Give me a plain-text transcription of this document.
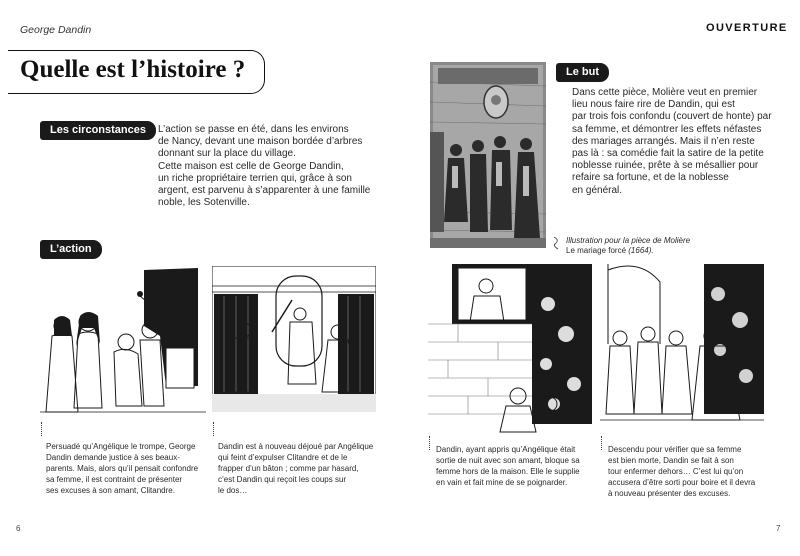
George Dandin	OUVERTURE
Quelle est l’histoire ?
Les circonstances	L’action se passe en été, dans les environs
de Nancy, devant une maison bordée d’arbres
donnant sur la place du village.
Cette maison est celle de George Dandin,
un riche propriétaire terrien qui, grâce à son
argent, est parvenu à s’apparenter à une famille
noble, les Sotenville.
L’action
Le but
Dans cette pièce, Molière veut en premier
lieu nous faire rire de Dandin, qui est
par trois fois confondu (couvert de honte) par
sa femme, et démontrer les effets néfastes
des mariages arrangés. Mais il n’en reste
pas là : sa comédie fait la satire de la petite
noblesse ruinée, prête à se mésallier pour
refaire sa fortune, et de la noblesse
en général.
Illustration pour la pièce de Molière
Le mariage forcé (1664).
Persuadé qu’Angélique le trompe, George
Dandin demande justice à ses beaux-
parents. Mais, alors qu’il pensait confondre
sa femme, il est contraint de présenter
ses excuses à son amant, Clitandre.
Dandin est à nouveau déjoué par Angélique
qui feint d’expulser Clitandre et de le
frapper d’un bâton ; comme par hasard,
c’est Dandin qui reçoit les coups sur
le dos…
Dandin, ayant appris qu’Angélique était
sortie de nuit avec son amant, bloque sa
femme hors de la maison. Elle le supplie
en vain et fait mine de se poignarder.
Descendu pour vérifier que sa femme
est bien morte, Dandin se fait à son
tour enfermer dehors… C’est lui qu’on
accusera d’être sorti pour boire et il devra
à nouveau présenter des excuses.
6	7
